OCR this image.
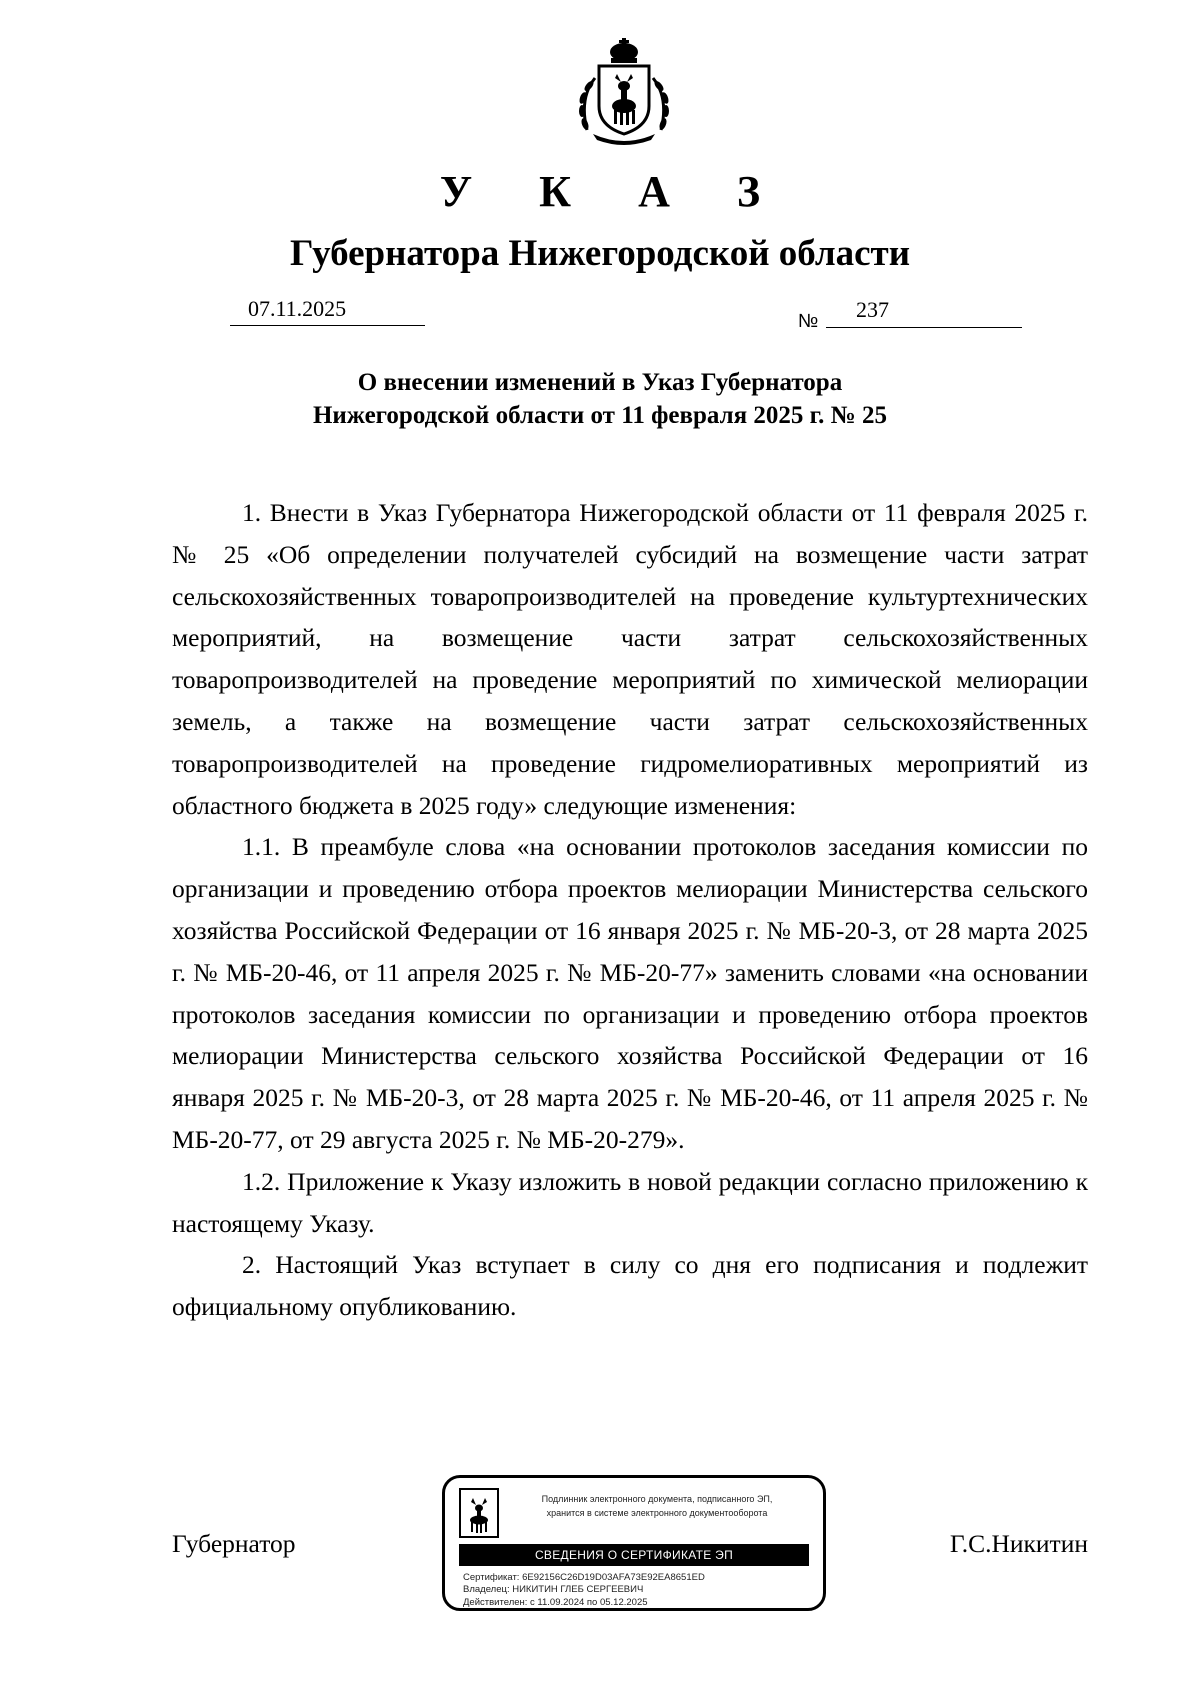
У К А З
Губернатора Нижегородской области
07.11.2025
№ 237
О внесении изменений в Указ Губернатора
Нижегородской области от 11 февраля 2025 г. № 25

1. Внести в Указ Губернатора Нижегородской области от 11 февраля 2025 г. № 25 «Об определении получателей субсидий на возмещение части затрат сельскохозяйственных товаропроизводителей на проведение культуртехнических мероприятий, на возмещение части затрат сельскохозяйственных товаропроизводителей на проведение мероприятий по химической мелиорации земель, а также на возмещение части затрат сельскохозяйственных товаропроизводителей на проведение гидромелиоративных мероприятий из областного бюджета в 2025 году» следующие изменения:

1.1. В преамбуле слова «на основании протоколов заседания комиссии по организации и проведению отбора проектов мелиорации Министерства сельского хозяйства Российской Федерации от 16 января 2025 г. № МБ-20-3, от 28 марта 2025 г. № МБ-20-46, от 11 апреля 2025 г. № МБ-20-77» заменить словами «на основании протоколов заседания комиссии по организации и проведению отбора проектов мелиорации Министерства сельского хозяйства Российской Федерации от 16 января 2025 г. № МБ-20-3, от 28 марта 2025 г. № МБ-20-46, от 11 апреля 2025 г. № МБ-20-77, от 29 августа 2025 г. № МБ-20-279».

1.2. Приложение к Указу изложить в новой редакции согласно приложению к настоящему Указу.

2. Настоящий Указ вступает в силу со дня его подписания и подлежит официальному опубликованию.

Губернатор	Г.С.Никитин
Подлинник электронного документа, подписанного ЭП,
хранится в системе электронного документооборота
СВЕДЕНИЯ О СЕРТИФИКАТЕ ЭП
Сертификат: 6E92156C26D19D03AFA73E92EA8651ED
Владелец: НИКИТИН ГЛЕБ СЕРГЕЕВИЧ
Действителен: с 11.09.2024 по 05.12.2025
